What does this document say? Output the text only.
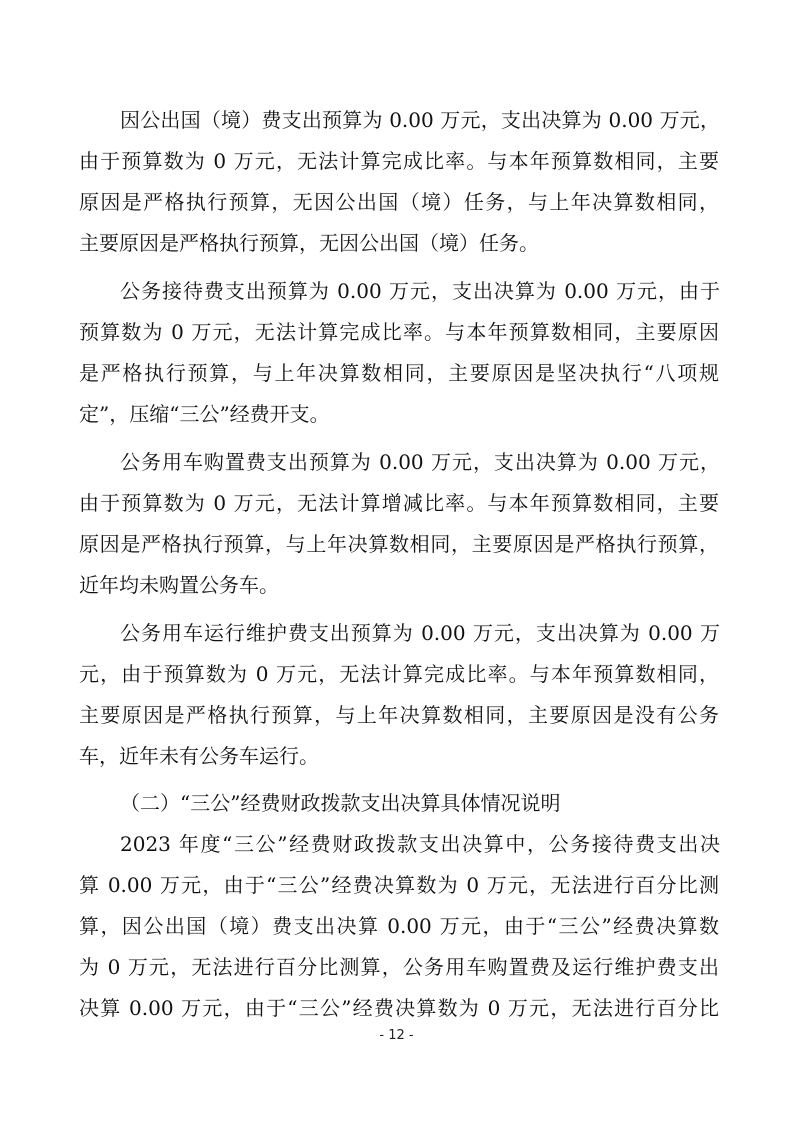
因公出国（境）费支出预算为 0.00 万元，支出决算为 0.00 万元，
由于预算数为 0 万元，无法计算完成比率。与本年预算数相同，主要
原因是严格执行预算，无因公出国（境）任务，与上年决算数相同，
主要原因是严格执行预算，无因公出国（境）任务。
公务接待费支出预算为 0.00 万元，支出决算为 0.00 万元，由于
预算数为 0 万元，无法计算完成比率。与本年预算数相同，主要原因
是严格执行预算，与上年决算数相同，主要原因是坚决执行“八项规
定”，压缩“三公”经费开支。
公务用车购置费支出预算为 0.00 万元，支出决算为 0.00 万元，
由于预算数为 0 万元，无法计算增减比率。与本年预算数相同，主要
原因是严格执行预算，与上年决算数相同，主要原因是严格执行预算，
近年均未购置公务车。
公务用车运行维护费支出预算为 0.00 万元，支出决算为 0.00 万
元，由于预算数为 0 万元，无法计算完成比率。与本年预算数相同，
主要原因是严格执行预算，与上年决算数相同，主要原因是没有公务
车，近年未有公务车运行。
（二）“三公”经费财政拨款支出决算具体情况说明
2023 年度“三公”经费财政拨款支出决算中，公务接待费支出决
算 0.00 万元，由于“三公”经费决算数为 0 万元，无法进行百分比测
算，因公出国（境）费支出决算 0.00 万元，由于“三公”经费决算数
为 0 万元，无法进行百分比测算，公务用车购置费及运行维护费支出
决算 0.00 万元，由于“三公”经费决算数为 0 万元，无法进行百分比
- 12 -
